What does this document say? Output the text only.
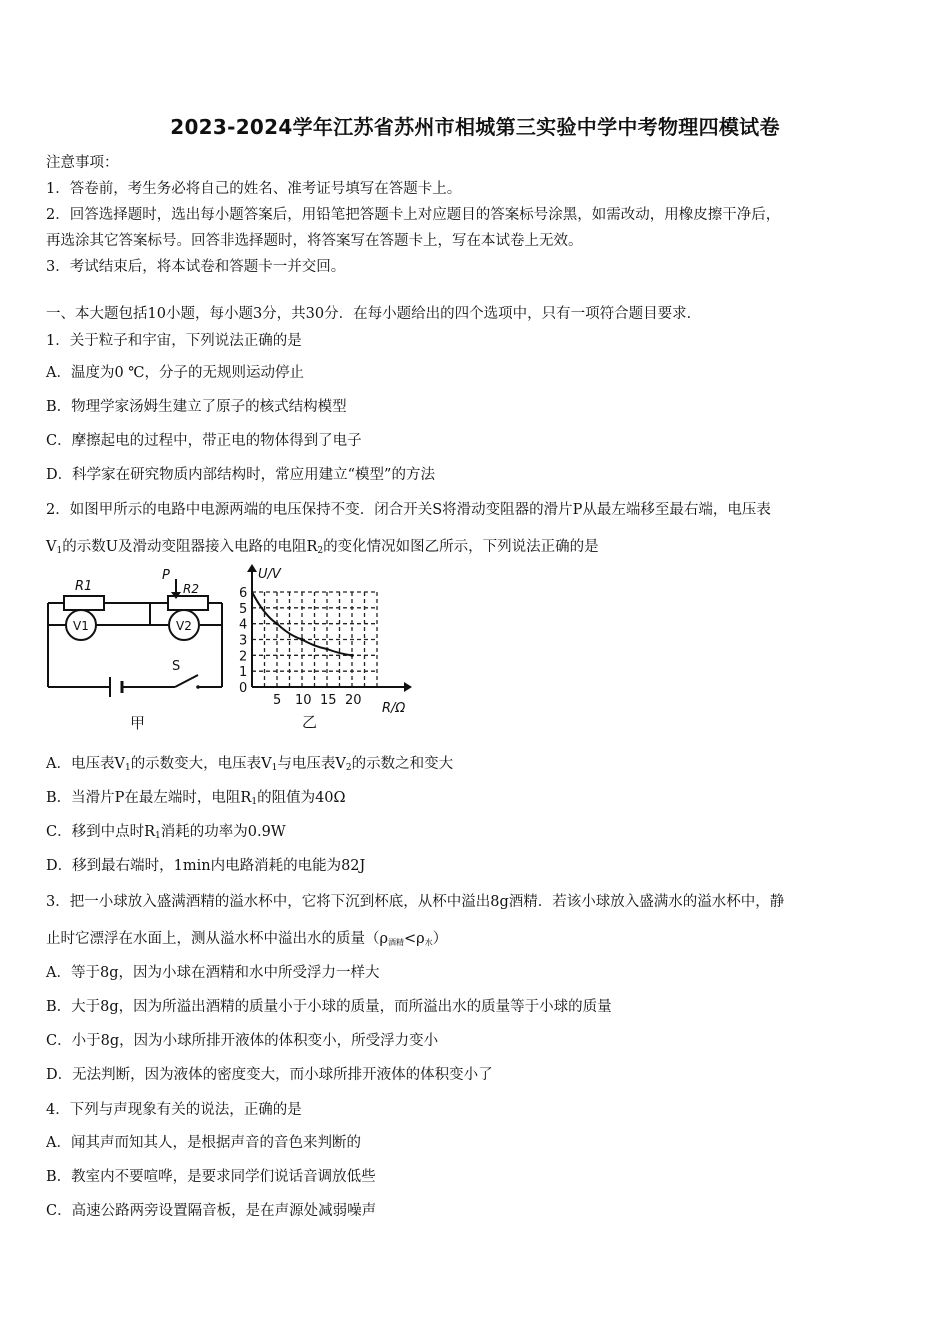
2023-2024学年江苏省苏州市相城第三实验中学中考物理四模试卷
注意事项：
1．答卷前，考生务必将自己的姓名、准考证号填写在答题卡上。
2．回答选择题时，选出每小题答案后，用铅笔把答题卡上对应题目的答案标号涂黑，如需改动，用橡皮擦干净后，
再选涂其它答案标号。回答非选择题时，将答案写在答题卡上，写在本试卷上无效。
3．考试结束后，将本试卷和答题卡一并交回。
一、本大题包括10小题，每小题3分，共30分．在每小题给出的四个选项中，只有一项符合题目要求．
1．关于粒子和宇宙，下列说法正确的是
A．温度为0 ℃，分子的无规则运动停止
B．物理学家汤姆生建立了原子的核式结构模型
C．摩擦起电的过程中，带正电的物体得到了电子
D．科学家在研究物质内部结构时，常应用建立“模型”的方法
2．如图甲所示的电路中电源两端的电压保持不变．闭合开关S将滑动变阻器的滑片P从最左端移至最右端，电压表
$V_1$的示数U及滑动变阻器接入电路的电阻$R_2$的变化情况如图乙所示，下列说法正确的是
R1
P
R2
V1	V2
S
甲
0
1
2
3
4
5
6
5 10 15 20
U/V
R/Ω
乙
A．电压表$V_1$的示数变大，电压表$V_1$与电压表$V_2$的示数之和变大
B．当滑片P在最左端时，电阻$R_1$的阻值为40Ω
C．移到中点时$R_1$消耗的功率为0.9W
D．移到最右端时，1min内电路消耗的电能为82J
3．把一小球放入盛满酒精的溢水杯中，它将下沉到杯底，从杯中溢出8g酒精．若该小球放入盛满水的溢水杯中，静
止时它漂浮在水面上，测从溢水杯中溢出水的质量（ρ酒精<ρ水）
A．等于8g，因为小球在酒精和水中所受浮力一样大
B．大于8g，因为所溢出酒精的质量小于小球的质量，而所溢出水的质量等于小球的质量
C．小于8g，因为小球所排开液体的体积变小，所受浮力变小
D．无法判断，因为液体的密度变大，而小球所排开液体的体积变小了
4．下列与声现象有关的说法，正确的是
A．闻其声而知其人，是根据声音的音色来判断的
B．教室内不要喧哗，是要求同学们说话音调放低些
C．高速公路两旁设置隔音板，是在声源处减弱噪声
